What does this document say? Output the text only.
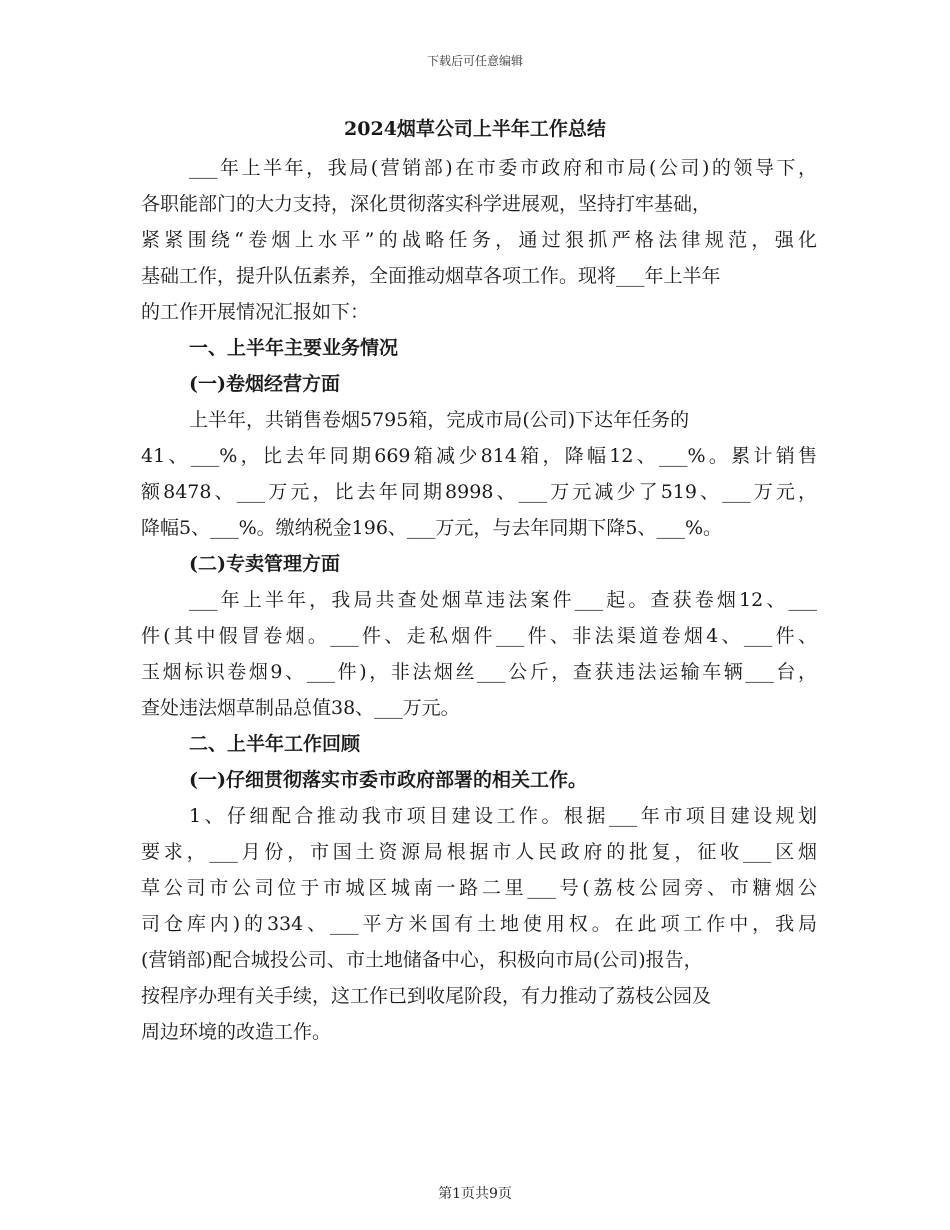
下载后可任意编辑
2024烟草公司上半年工作总结
___年上半年，我局(营销部)在市委市政府和市局(公司)的领导下，
各职能部门的大力支持，深化贯彻落实科学进展观，坚持打牢基础，
紧紧围绕“卷烟上水平”的战略任务，通过狠抓严格法律规范，强化
基础工作，提升队伍素养，全面推动烟草各项工作。现将___年上半年
的工作开展情况汇报如下：
一、上半年主要业务情况
(一)卷烟经营方面
上半年，共销售卷烟5795箱，完成市局(公司)下达年任务的
41、___%，比去年同期669箱减少814箱，降幅12、___%。累计销售
额8478、___万元，比去年同期8998、___万元减少了519、___万元，
降幅5、___%。缴纳税金196、___万元，与去年同期下降5、___%。
(二)专卖管理方面
___年上半年，我局共查处烟草违法案件___起。查获卷烟12、___
件(其中假冒卷烟。___件、走私烟件___件、非法渠道卷烟4、___件、
玉烟标识卷烟9、___件)，非法烟丝___公斤，查获违法运输车辆___台，
查处违法烟草制品总值38、___万元。
二、上半年工作回顾
(一)仔细贯彻落实市委市政府部署的相关工作。
1、仔细配合推动我市项目建设工作。根据___年市项目建设规划
要求，___月份，市国土资源局根据市人民政府的批复，征收___区烟
草公司市公司位于市城区城南一路二里___号(荔枝公园旁、市糖烟公
司仓库内)的334、___平方米国有土地使用权。在此项工作中，我局
(营销部)配合城投公司、市土地储备中心，积极向市局(公司)报告，
按程序办理有关手续，这工作已到收尾阶段，有力推动了荔枝公园及
周边环境的改造工作。
第1页共9页
